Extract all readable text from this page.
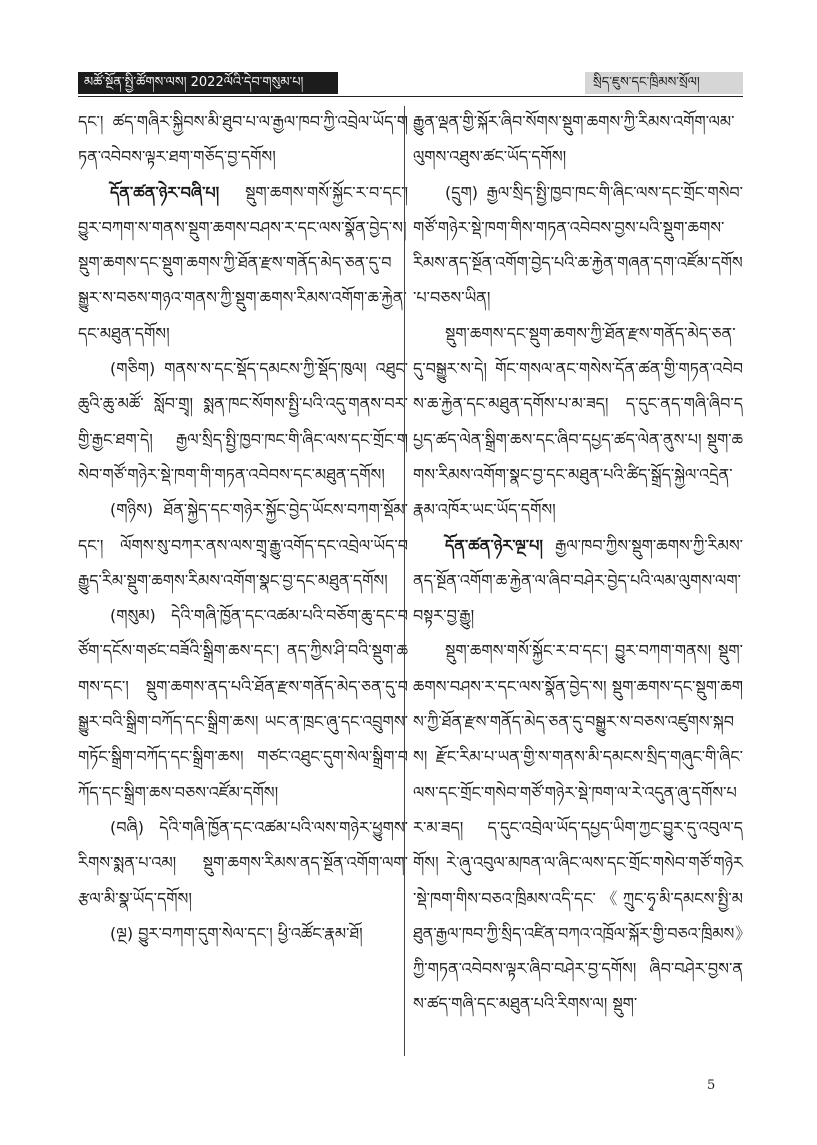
མཚོ་སྔོན་སྤྱི་ཚོགས་ལས། 2022ལོའི་དེབ་གསུམ་པ།	སྲིད་ཇུས་དང་ཁྲིམས་སྲོལ།

དང་། ཚད་གཞིར་སྐྱིབས་མི་ཐུབ་པ་ལ་རྒྱལ་ཁབ་ཀྱི་འབྲེལ་ཡོད་གཏན་འབེབས་ལྟར་ཐག་གཅོད་བྱ་དགོས།

དོན་ཚན་ཉེར་བཞི་པ། སྡུག་ཆགས་གསོ་སྐྱོང་ར་བ་དང་། བྱུར་བཀག་ས་གནས་སྡུག་ཆགས་བཤས་ར་དང་ལས་སྣོན་བྱེད་ས། སྡུག་ཆགས་དང་སྡུག་ཆགས་ཀྱི་ཐོན་རྫས་གནོད་མེད་ཅན་དུ་བསྒྱུར་ས་བཅས་གཉའ་གནས་ཀྱི་སྡུག་ཆགས་རིམས་འགོག་ཆ་རྐྱེན་དང་མཐུན་དགོས།

(གཅིག) གནས་ས་དང་སྡོད་དམངས་ཀྱི་སྡོད་ཁུལ། འཐུང་ཆུའི་ཆུ་མཚོ་ སློབ་གྲྭ། སྨན་ཁང་སོགས་སྤྱི་པའི་འདུ་གནས་བར་གྱི་རྒྱང་ཐག་དེ། རྒྱལ་སྲིད་སྤྱི་ཁྱབ་ཁང་གི་ཞིང་ལས་དང་གྲོང་གསེབ་གཙོ་གཉེར་སྡེ་ཁག་གི་གཏན་འབེབས་དང་མཐུན་དགོས།

(གཉིས) ཐོན་སྐྱེད་དང་གཉེར་སྐྱོང་བྱེད་ཡོངས་བཀག་སྡོམ་དང་། ལོགས་སུ་བཀར་ནས་ལས་གྲྭ་རྒྱུ་འགོད་དང་འབྲེལ་ཡོད་བརྒྱུད་རིམ་སྡུག་ཆགས་རིམས་འགོག་སྣང་བྱ་དང་མཐུན་དགོས།

(གསུམ) དེའི་གཞི་ཁྱོན་དང་འཚམ་པའི་བཅོག་ཆུ་དང་བཙོག་དངོས་གཙང་བཟོའི་སྒྲིག་ཆས་དང་། ནད་ཀྱིས་ཤི་བའི་སྡུག་ཆགས་དང་། སྡུག་ཆགས་ནད་པའི་ཐོན་རྫས་གནོད་མེད་ཅན་དུ་བསྒྱུར་བའི་སྒྲིག་བཀོད་དང་སྒྲིག་ཆས། ཡང་ན་ཁྲང་ཞུ་དང་འབྲུགས་གཏོང་སྒྲིག་བཀོད་དང་སྒྲིག་ཆས། གཙང་འཐུང་དུག་སེལ་སྒྲིག་བཀོད་དང་སྒྲིག་ཆས་བཅས་འཛོམ་དགོས།

(བཞི) དེའི་གཞི་ཁྱོན་དང་འཚམ་པའི་ལས་གཉེར་ཕྱུགས་རིགས་སྨན་པ་འམ། སྡུག་ཆགས་རིམས་ནད་སྔོན་འགོག་ལག་རྩལ་མི་སྣ་ཡོད་དགོས།

(ལྔ) བྱུར་བཀག་དུག་སེལ་དང་། ཕྱི་འཚོང་རྣམ་ཐོ།

རྒྱུན་ལྡན་གྱི་སྐོར་ཞིབ་སོགས་སྡུག་ཆགས་ཀྱི་རིམས་འགོག་ལམ་ལུགས་འཐུས་ཚང་ཡོད་དགོས།

(དྲུག) རྒྱལ་སྲིད་སྤྱི་ཁྱབ་ཁང་གི་ཞིང་ལས་དང་གྲོང་གསེབ་གཙོ་གཉེར་སྡེ་ཁག་གིས་གཏན་འབེབས་བྱས་པའི་སྡུག་ཆགས་རིམས་ནད་སྔོན་འགོག་བྱེད་པའི་ཆ་རྐྱེན་གཞན་དག་འཛོམ་དགོས་པ་བཅས་ཡིན།

སྡུག་ཆགས་དང་སྡུག་ཆགས་ཀྱི་ཐོན་རྫས་གནོད་མེད་ཅན་དུ་བསྒྱུར་ས་དེ། གོང་གསལ་ནང་གསེས་དོན་ཚན་གྱི་གཏན་འབེབས་ཆ་རྐྱེན་དང་མཐུན་དགོས་པ་མ་ཟད། ད་དུང་ནད་གཞི་ཞིབ་དཔྱད་ཚད་ལེན་སྒྲིག་ཆས་དང་ཞིབ་དཔྱད་ཚད་ལེན་ནུས་པ། སྡུག་ཆགས་རིམས་འགོག་སྣང་བྱ་དང་མཐུན་པའི་ཚིད་སྒྲོད་སྐྱེལ་འདྲེན་རྣམ་འཁོར་ཡང་ཡོད་དགོས།

དོན་ཚན་ཉེར་ལྔ་པ། རྒྱལ་ཁབ་ཀྱིས་སྡུག་ཆགས་ཀྱི་རིམས་ནད་སྔོན་འགོག་ཆ་རྐྱེན་ལ་ཞིབ་བཤེར་བྱེད་པའི་ལམ་ལུགས་ལག་བསྟར་བྱ་རྒྱུ།

སྡུག་ཆགས་གསོ་སྐྱོང་ར་བ་དང་། བྱུར་བཀག་གནས། སྡུག་ཆགས་བཤས་ར་དང་ལས་སྣོན་བྱེད་ས། སྡུག་ཆགས་དང་སྡུག་ཆགས་ཀྱི་ཐོན་རྫས་གནོད་མེད་ཅན་དུ་བསྒྱུར་ས་བཅས་འཛུགས་སྐབས། རྫོང་རིམ་པ་ཡན་གྱི་ས་གནས་མི་དམངས་སྲིད་གཞུང་གི་ཞིང་ལས་དང་གྲོང་གསེབ་གཙོ་གཉེར་སྡེ་ཁག་ལ་རེ་འདུན་ཞུ་དགོས་པར་མ་ཟད། ད་དུང་འབྲེལ་ཡོད་དཔྱད་ཡིག་ཀྱང་བྱུར་དུ་འབུལ་དགོས། རེ་ཞུ་འབུལ་མཁན་ལ་ཞིང་ལས་དང་གྲོང་གསེབ་གཙོ་གཉེར་སྡེ་ཁག་གིས་བཅའ་ཁྲིམས་འདི་དང་《ཀྲུང་ཧྭ་མི་དམངས་སྤྱི་མཐུན་རྒྱལ་ཁབ་ཀྱི་སྲིད་འཛིན་བཀའ་འཁྲོལ་སྐོར་གྱི་བཅའ་ཁྲིམས》ཀྱི་གཏན་འབེབས་ལྟར་ཞིབ་བཤེར་བྱ་དགོས། ཞིབ་བཤེར་བྱས་ནས་ཚད་གཞི་དང་མཐུན་པའི་རིགས་ལ། སྡུག་

5
